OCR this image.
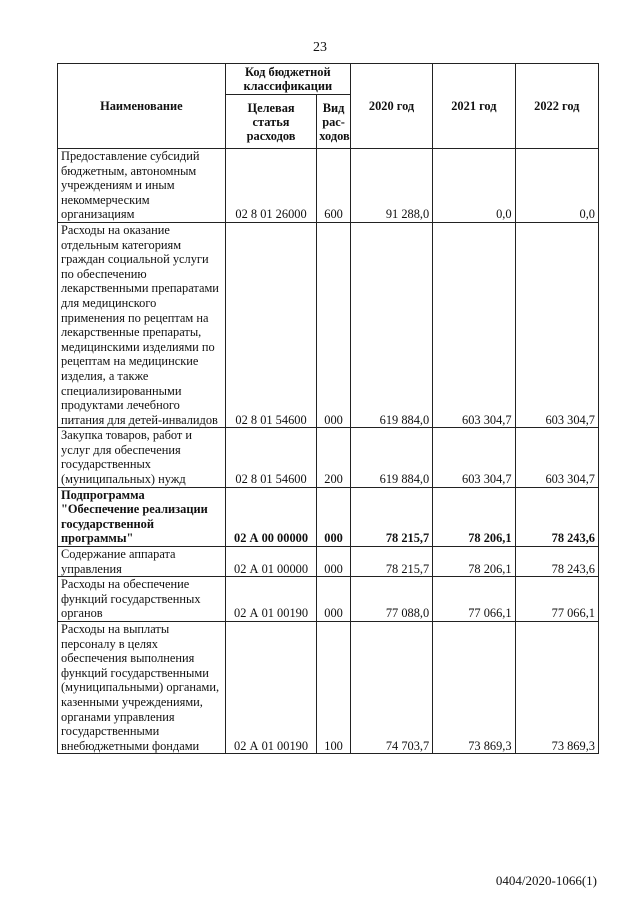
23
Наименование	Код бюджетной классификации		2020 год	2021 год	2022 год
	Целевая статья расходов	Вид рас-ходов			
Предоставление субсидий бюджетным, автономным учреждениям и иным некоммерческим организациям	02 8 01 26000	600	91 288,0	0,0	0,0
Расходы на оказание отдельным категориям граждан социальной услуги по обеспечению лекарственными препаратами для медицинского применения по рецептам на лекарственные препараты, медицинскими изделиями по рецептам на медицинские изделия, а также специализированными продуктами лечебного питания для детей-инвалидов	02 8 01 54600	000	619 884,0	603 304,7	603 304,7
Закупка товаров, работ и услуг для обеспечения государственных (муниципальных) нужд	02 8 01 54600	200	619 884,0	603 304,7	603 304,7
Подпрограмма "Обеспечение реализации государственной программы"	02 А 00 00000	000	78 215,7	78 206,1	78 243,6
Содержание аппарата управления	02 А 01 00000	000	78 215,7	78 206,1	78 243,6
Расходы на обеспечение функций государственных органов	02 А 01 00190	000	77 088,0	77 066,1	77 066,1
Расходы на выплаты персоналу в целях обеспечения выполнения функций государственными (муниципальными) органами, казенными учреждениями, органами управления государственными внебюджетными фондами	02 А 01 00190	100	74 703,7	73 869,3	73 869,3
0404/2020-1066(1)
